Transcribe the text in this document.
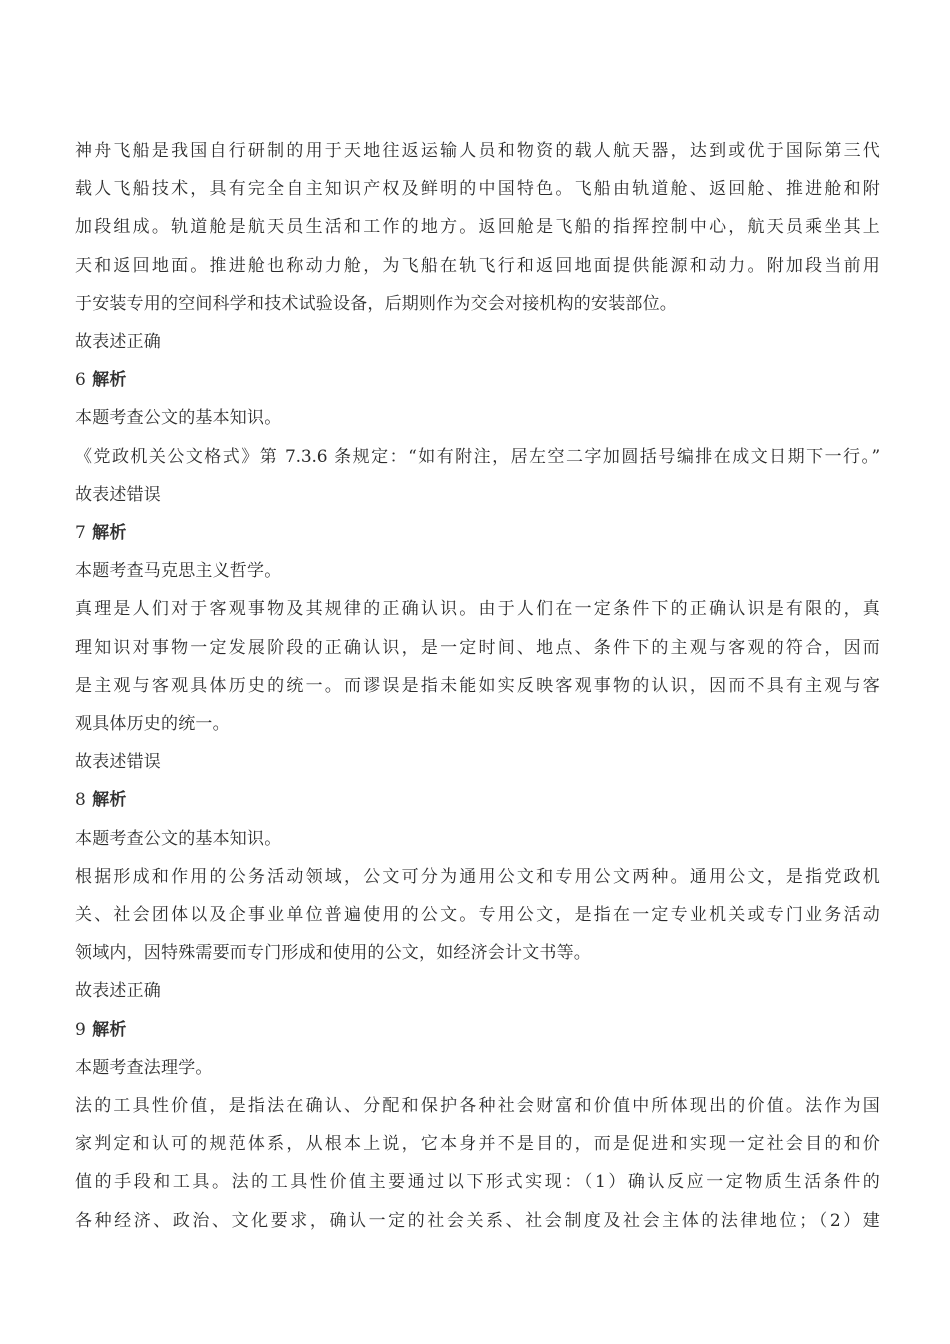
神舟飞船是我国自行研制的用于天地往返运输人员和物资的载人航天器，达到或优于国际第三代
载人飞船技术，具有完全自主知识产权及鲜明的中国特色。飞船由轨道舱、返回舱、推进舱和附
加段组成。轨道舱是航天员生活和工作的地方。返回舱是飞船的指挥控制中心，航天员乘坐其上
天和返回地面。推进舱也称动力舱，为飞船在轨飞行和返回地面提供能源和动力。附加段当前用
于安装专用的空间科学和技术试验设备，后期则作为交会对接机构的安装部位。

故表述正确

6 解析

本题考查公文的基本知识。

《党政机关公文格式》第 7.3.6 条规定：“如有附注，居左空二字加圆括号编排在成文日期下一行。”

故表述错误

7 解析

本题考查马克思主义哲学。

真理是人们对于客观事物及其规律的正确认识。由于人们在一定条件下的正确认识是有限的，真
理知识对事物一定发展阶段的正确认识，是一定时间、地点、条件下的主观与客观的符合，因而
是主观与客观具体历史的统一。而谬误是指未能如实反映客观事物的认识，因而不具有主观与客
观具体历史的统一。

故表述错误

8 解析

本题考查公文的基本知识。

根据形成和作用的公务活动领域，公文可分为通用公文和专用公文两种。通用公文，是指党政机
关、社会团体以及企事业单位普遍使用的公文。专用公文，是指在一定专业机关或专门业务活动
领域内，因特殊需要而专门形成和使用的公文，如经济会计文书等。

故表述正确

9 解析

本题考查法理学。

法的工具性价值，是指法在确认、分配和保护各种社会财富和价值中所体现出的价值。法作为国
家判定和认可的规范体系，从根本上说，它本身并不是目的，而是促进和实现一定社会目的和价
值的手段和工具。法的工具性价值主要通过以下形式实现：（1）确认反应一定物质生活条件的
各种经济、政治、文化要求，确认一定的社会关系、社会制度及社会主体的法律地位；（2）建
